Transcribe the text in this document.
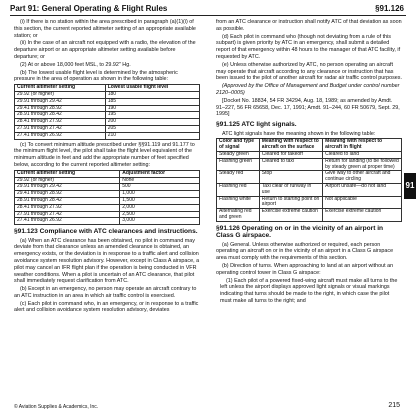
Part 91: General Operating & Flight Rules	§91.126

(i) If there is no station within the area prescribed in paragraph (a)(1)(i) of this section, the current reported altimeter setting of an appropriate available station; or

(ii) In the case of an aircraft not equipped with a radio, the elevation of the departure airport or an appropriate altimeter setting available before departure; or

(2) At or above 18,000 feet MSL, to 29.92" Hg.

(b) The lowest usable flight level is determined by the atmospheric pressure in the area of operation as shown in the following table:

Current altimeter setting	Lowest usable flight level
29.92 (or higher)	180
29.91 through 29.42	185
29.41 through 28.92	190
28.91 through 28.42	195
28.41 through 27.92	200
27.91 through 27.42	205
27.41 through 26.92	210

(c) To convert minimum altitude prescribed under §§91.119 and 91.177 to the minimum flight level, the pilot shall take the flight level equivalent of the minimum altitude in feet and add the appropriate number of feet specified below, according to the current reported altimeter setting:

Current altimeter setting	Adjustment factor
29.92 (or higher)	None
29.91 through 29.42	500
29.41 through 28.92	1,000
28.91 through 28.42	1,500
28.41 through 27.92	2,000
27.91 through 27.42	2,500
27.41 through 26.92	3,000
§91.123 Compliance with ATC clearances and instructions.

(a) When an ATC clearance has been obtained, no pilot in command may deviate from that clearance unless an amended clearance is obtained, an emergency exists, or the deviation is in response to a traffic alert and collision avoidance system resolution advisory. However, except in Class A airspace, a pilot may cancel an IFR flight plan if the operation is being conducted in VFR weather conditions. When a pilot is uncertain of an ATC clearance, that pilot shall immediately request clarification from ATC.

(b) Except in an emergency, no person may operate an aircraft contrary to an ATC instruction in an area in which air traffic control is exercised.

(c) Each pilot in command who, in an emergency, or in response to a traffic alert and collision avoidance system resolution advisory, deviates

from an ATC clearance or instruction shall notify ATC of that deviation as soon as possible.

(d) Each pilot in command who (though not deviating from a rule of this subpart) is given priority by ATC in an emergency, shall submit a detailed report of that emergency within 48 hours to the manager of that ATC facility, if requested by ATC.

(e) Unless otherwise authorized by ATC, no person operating an aircraft may operate that aircraft according to any clearance or instruction that has been issued to the pilot of another aircraft for radar air traffic control purposes.

(Approved by the Office of Management and Budget under control number 2120–0005)

[Docket No. 18834, 54 FR 34294, Aug. 18, 1989; as amended by Amdt. 91–227, 56 FR 65658, Dec. 17, 1991; Amdt. 91–244, 60 FR 50679, Sept. 29, 1995]

§91.125 ATC light signals.

ATC light signals have the meaning shown in the following table:

Color and type of signal	Meaning with respect to aircraft on the surface	Meaning with respect to aircraft in flight
Steady green	Cleared for takeoff	Cleared to land
Flashing green	Cleared to taxi	Return for landing (to be followed by steady green at proper time)
Steady red	Stop	Give way to other aircraft and continue circling
Flashing red	Taxi clear of runway in use	Airport unsafe—do not land
Flashing white	Return to starting point on airport	Not applicable
Alternating red and green	Exercise extreme caution	Exercise extreme caution
§91.126 Operating on or in the vicinity of an airport in Class G airspace.

(a) General. Unless otherwise authorized or required, each person operating an aircraft on or in the vicinity of an airport in a Class G airspace area must comply with the requirements of this section.

(b) Direction of turns. When approaching to land at an airport without an operating control tower in Class G airspace:

(1) Each pilot of a powered fixed-wing aircraft must make all turns to the left unless the airport displays approved light signals or visual markings indicating that turns should be made to the right, in which case the pilot must make all turns to the right; and

91
© Aviation Supplies & Academics, Inc.	215
